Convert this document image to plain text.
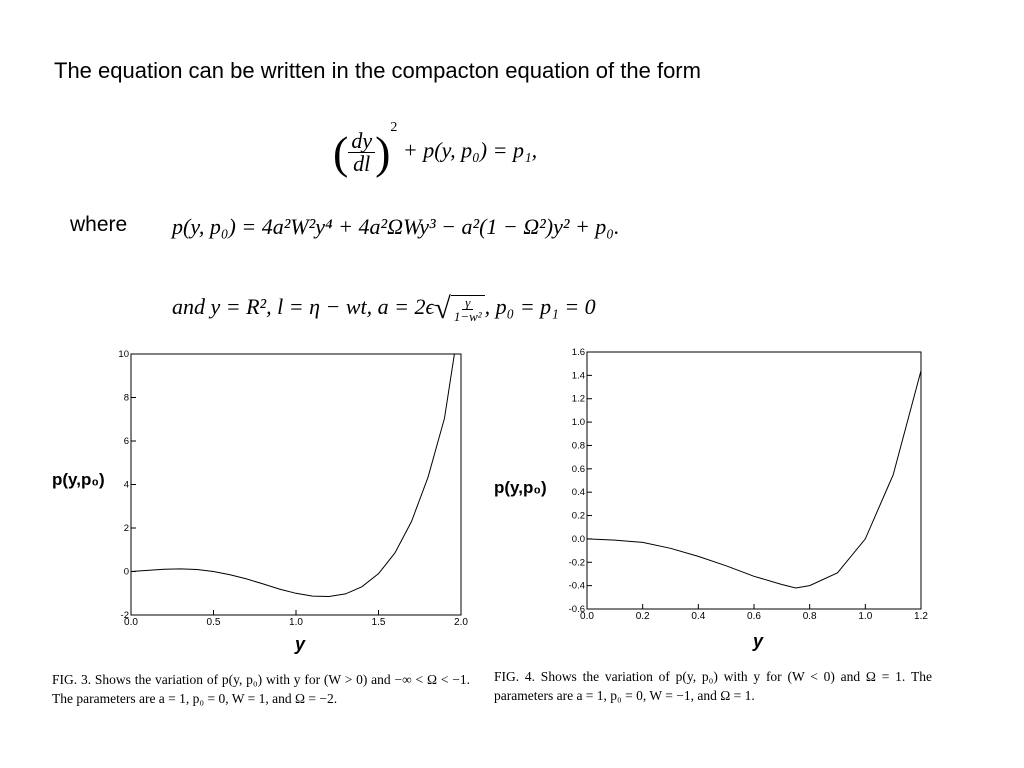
The equation can be written in the compacton equation of the form
( $\frac{dy}{dl} )^2 + p(y$, p₀) = p₁,
where p(y, p₀) = 4a²W²y⁴ + 4a²ΩWy³ − a²(1 − Ω²)y² + p₀.
and y = R², l = η − wt, $a = 2\epsilon√ \frac{\gamma}{\text{1−w²}}$ , p₀ = p₁ = 0
p(y,p₀)
0.0	0.5	1.0	1.5	2.0
-2
0
2
4
6
8
10
y
FIG. 3. Shows the variation of p(y, p₀) with y for (W > 0) and −∞ < Ω < −1. The parameters are a = 1, p₀ = 0, W = 1, and Ω = −2.
p(y,p₀)
0.0	0.2	0.4	0.6	0.8	1.0	1.2
-0.6
-0.4
-0.2
0.0
0.2
0.4
0.6
0.8
1.0
1.2
1.4
1.6
y
FIG. 4. Shows the variation of p(y, p₀) with y for (W < 0) and Ω = 1. The parameters are a = 1, p₀ = 0, W = −1, and Ω = 1.
